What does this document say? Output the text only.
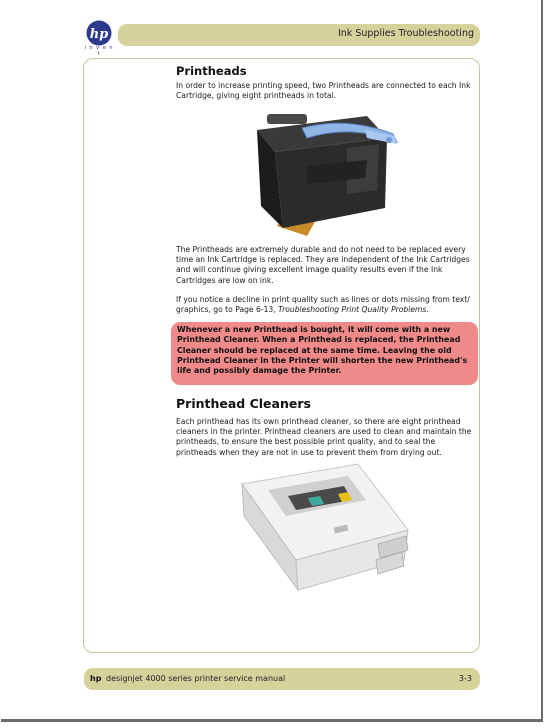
hp
i n v e n t
Ink Supplies Troubleshooting
Printheads

In order to increase printing speed, two Printheads are connected to each Ink Cartridge, giving eight printheads in total.

The Printheads are extremely durable and do not need to be replaced every time an Ink Cartridge is replaced. They are independent of the Ink Cartridges and will continue giving excellent image quality results even if the Ink Cartridges are low on ink.

If you notice a decline in print quality such as lines or dots missing from text/ graphics, go to Page 6-13, Troubleshooting Print Quality Problems.

Whenever a new Printhead is bought, it will come with a new Printhead Cleaner. When a Printhead is replaced, the Printhead Cleaner should be replaced at the same time. Leaving the old Printhead Cleaner in the Printer will shorten the new Printhead's life and possibly damage the Printer.

Printhead Cleaners

Each printhead has its own printhead cleaner, so there are eight printhead cleaners in the printer. Printhead cleaners are used to clean and maintain the printheads, to ensure the best possible print quality, and to seal the printheads when they are not in use to prevent them from drying out.

hp designjet 4000 series printer service manual	3-3
